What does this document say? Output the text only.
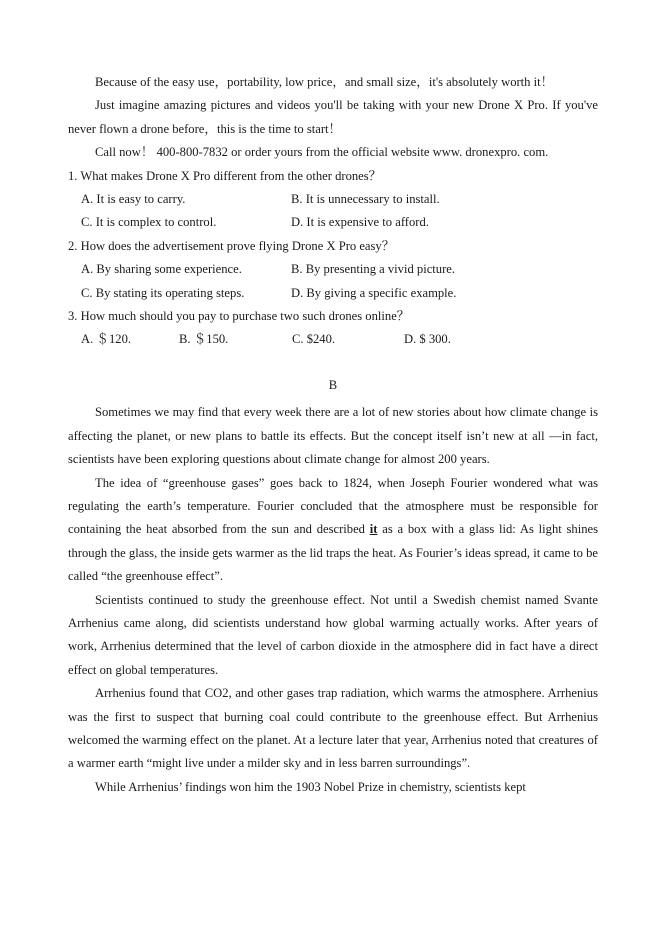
Because of the easy use，portability, low price，and small size，it's absolutely worth it！

Just imagine amazing pictures and videos you'll be taking with your new Drone X Pro. If you've never flown a drone before，this is the time to start！

Call now！ 400-800-7832 or order yours from the official website www. dronexpro. com.

1. What makes Drone X Pro different from the other drones？

A. It is easy to carry.	B. It is unnecessary to install.
C. It is complex to control.	D. It is expensive to afford.

2. How does the advertisement prove flying Drone X Pro easy？

A. By sharing some experience.	B. By presenting a vivid picture.
C. By stating its operating steps.	D. By giving a specific example.

3. How much should you pay to purchase two such drones online？

A. ＄120.	B. ＄150.	C. $240.	D. $ 300.
B

Sometimes we may find that every week there are a lot of new stories about how climate change is affecting the planet, or new plans to battle its effects. But the concept itself isn’t new at all —in fact, scientists have been exploring questions about climate change for almost 200 years.

The idea of “greenhouse gases” goes back to 1824, when Joseph Fourier wondered what was regulating the earth’s temperature. Fourier concluded that the atmosphere must be responsible for containing the heat absorbed from the sun and described it as a box with a glass lid: As light shines through the glass, the inside gets warmer as the lid traps the heat. As Fourier’s ideas spread, it came to be called “the greenhouse effect”.

Scientists continued to study the greenhouse effect. Not until a Swedish chemist named Svante Arrhenius came along, did scientists understand how global warming actually works. After years of work, Arrhenius determined that the level of carbon dioxide in the atmosphere did in fact have a direct effect on global temperatures.

Arrhenius found that CO2, and other gases trap radiation, which warms the atmosphere. Arrhenius was the first to suspect that burning coal could contribute to the greenhouse effect. But Arrhenius welcomed the warming effect on the planet. At a lecture later that year, Arrhenius noted that creatures of a warmer earth “might live under a milder sky and in less barren surroundings”.

While Arrhenius’ findings won him the 1903 Nobel Prize in chemistry, scientists kept
